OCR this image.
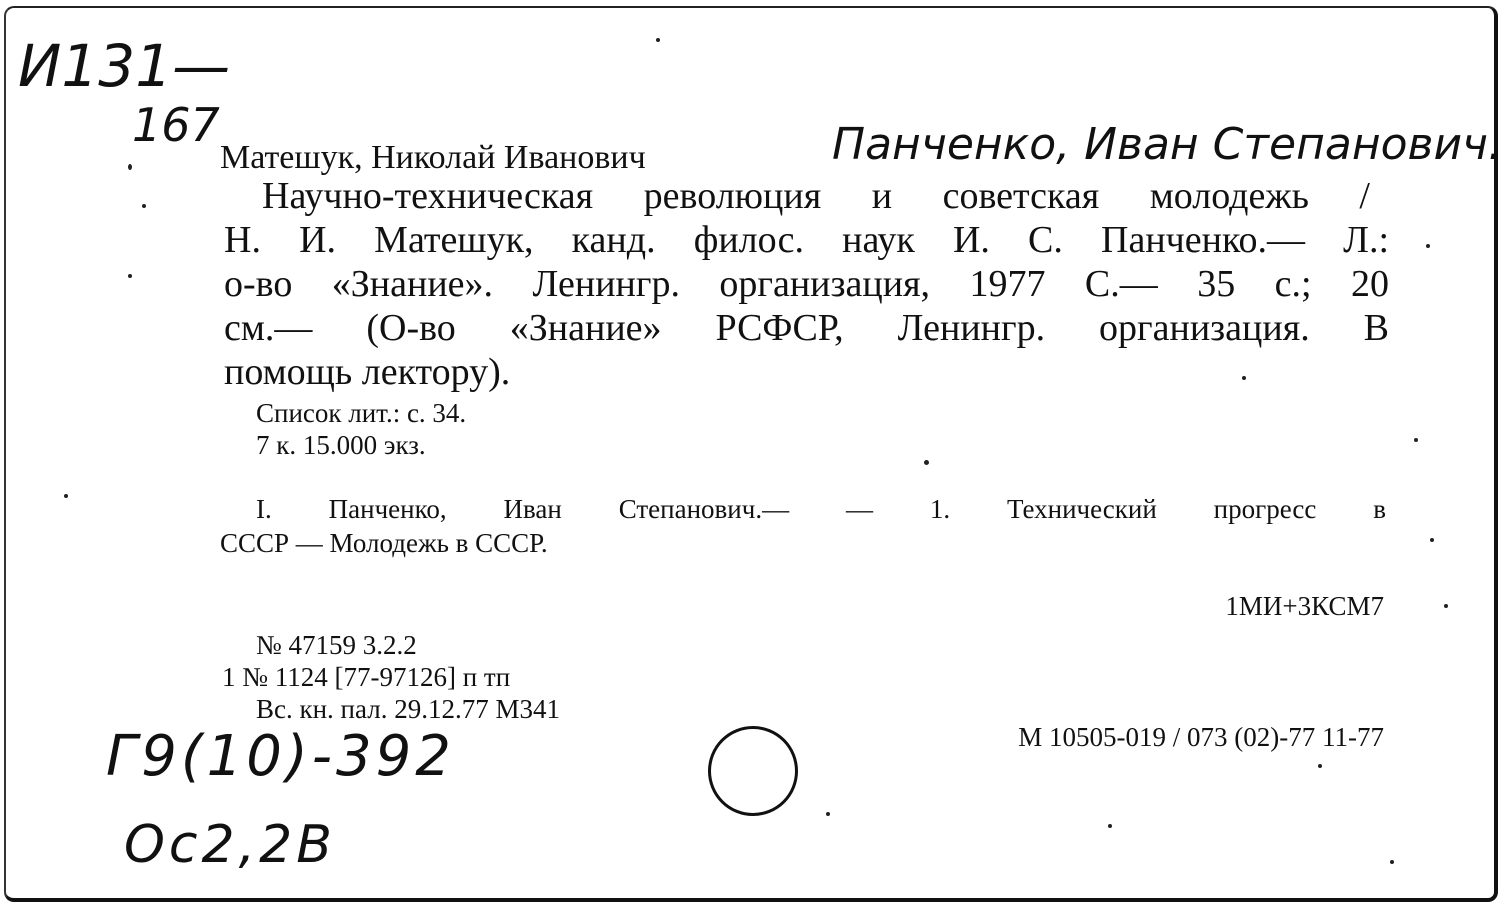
И131—
167
Матешук, Николай Иванович	Панченко, Иван Степанович.
Научно-техническая революция и советская молодежь /
Н. И. Матешук, канд. филос. наук И. С. Панченко.— Л.:
о-во «Знание». Ленингр. организация, 1977 С.— 35 с.; 20
см.— (О-во «Знание» РСФСР, Ленингр. организация. В
помощь лектору).
Список лит.: с. 34.
7 к. 15.000 экз.
I. Панченко, Иван Степанович.— — 1. Технический прогресс в
СССР — Молодежь в СССР.
1МИ+3КСМ7
№ 47159 3.2.2
1 № 1124 [77-97126] п тп
Вс. кн. пал. 29.12.77 М341
М 10505-019 / 073 (02)-77 11-77
Г9(10)-392
Ос2,2В
